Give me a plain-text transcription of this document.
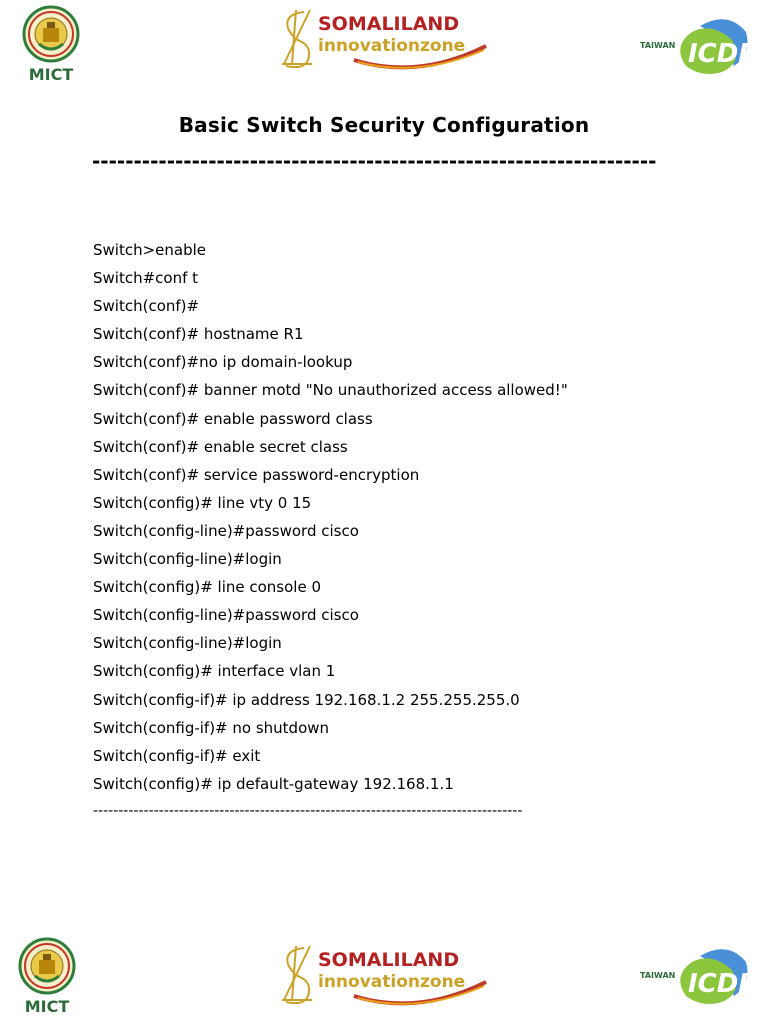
MICT
SOMALILAND
innovationzone	TAIWAN ICDF
Basic Switch Security Configuration
--------------------------------------------------------------------
Switch>enable
Switch#conf t
Switch(conf)#
Switch(conf)# hostname R1
Switch(conf)#no ip domain-lookup
Switch(conf)# banner motd "No unauthorized access allowed!"
Switch(conf)# enable password class
Switch(conf)# enable secret class
Switch(conf)# service password-encryption
Switch(config)# line vty 0 15
Switch(config-line)#password cisco
Switch(config-line)#login
Switch(config)# line console 0
Switch(config-line)#password cisco
Switch(config-line)#login
Switch(config)# interface vlan 1
Switch(config-if)# ip address 192.168.1.2 255.255.255.0
Switch(config-if)# no shutdown
Switch(config-if)# exit
Switch(config)# ip default-gateway 192.168.1.1
-------------------------------------------------------------------------------------
MICT
SOMALILAND
innovationzone	TAIWAN ICDF
